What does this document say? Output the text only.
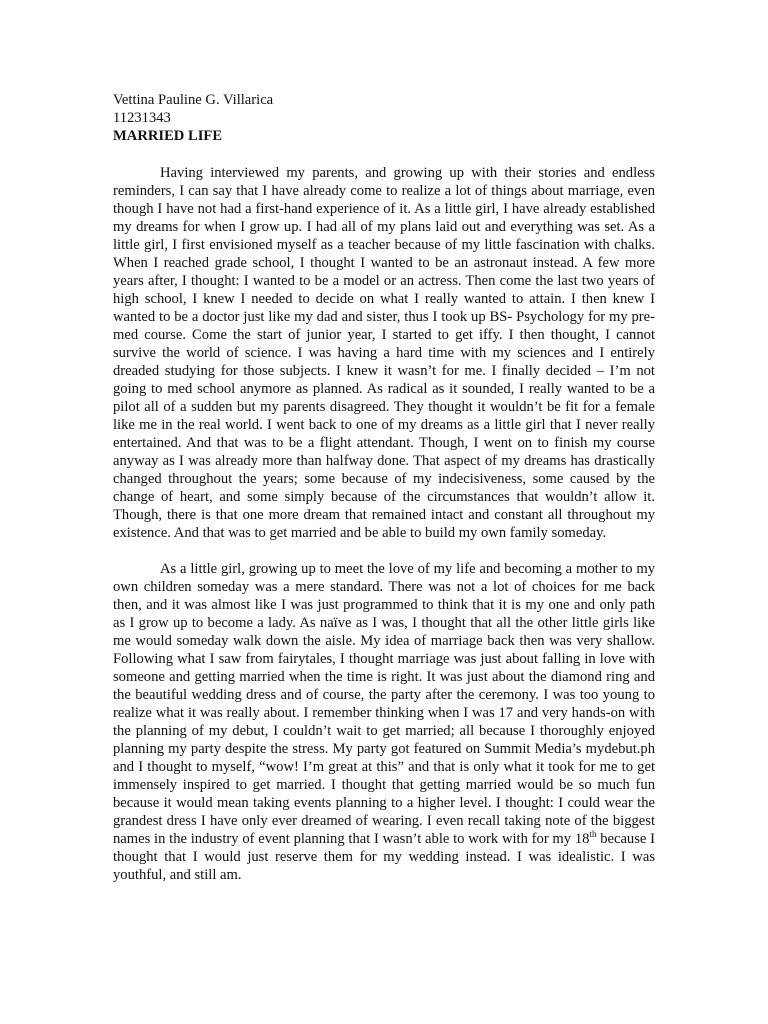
Vettina Pauline G. Villarica

11231343

MARRIED LIFE

Having interviewed my parents, and growing up with their stories and endless reminders, I can say that I have already come to realize a lot of things about marriage, even though I have not had a first-hand experience of it. As a little girl, I have already established my dreams for when I grow up. I had all of my plans laid out and everything was set. As a little girl, I first envisioned myself as a teacher because of my little fascination with chalks. When I reached grade school, I thought I wanted to be an astronaut instead. A few more years after, I thought: I wanted to be a model or an actress. Then come the last two years of high school, I knew I needed to decide on what I really wanted to attain. I then knew I wanted to be a doctor just like my dad and sister, thus I took up BS- Psychology for my pre-med course. Come the start of junior year, I started to get iffy. I then thought, I cannot survive the world of science. I was having a hard time with my sciences and I entirely dreaded studying for those subjects. I knew it wasn’t for me. I finally decided – I’m not going to med school anymore as planned. As radical as it sounded, I really wanted to be a pilot all of a sudden but my parents disagreed. They thought it wouldn’t be fit for a female like me in the real world. I went back to one of my dreams as a little girl that I never really entertained. And that was to be a flight attendant. Though, I went on to finish my course anyway as I was already more than halfway done. That aspect of my dreams has drastically changed throughout the years; some because of my indecisiveness, some caused by the change of heart, and some simply because of the circumstances that wouldn’t allow it. Though, there is that one more dream that remained intact and constant all throughout my existence. And that was to get married and be able to build my own family someday.

As a little girl, growing up to meet the love of my life and becoming a mother to my own children someday was a mere standard. There was not a lot of choices for me back then, and it was almost like I was just programmed to think that it is my one and only path as I grow up to become a lady. As naïve as I was, I thought that all the other little girls like me would someday walk down the aisle. My idea of marriage back then was very shallow. Following what I saw from fairytales, I thought marriage was just about falling in love with someone and getting married when the time is right. It was just about the diamond ring and the beautiful wedding dress and of course, the party after the ceremony. I was too young to realize what it was really about. I remember thinking when I was 17 and very hands-on with the planning of my debut, I couldn’t wait to get married; all because I thoroughly enjoyed planning my party despite the stress. My party got featured on Summit Media’s mydebut.ph and I thought to myself, “wow! I’m great at this” and that is only what it took for me to get immensely inspired to get married. I thought that getting married would be so much fun because it would mean taking events planning to a higher level. I thought: I could wear the grandest dress I have only ever dreamed of wearing. I even recall taking note of the biggest names in the industry of event planning that I wasn’t able to work with for my 18th because I thought that I would just reserve them for my wedding instead. I was idealistic. I was youthful, and still am.
